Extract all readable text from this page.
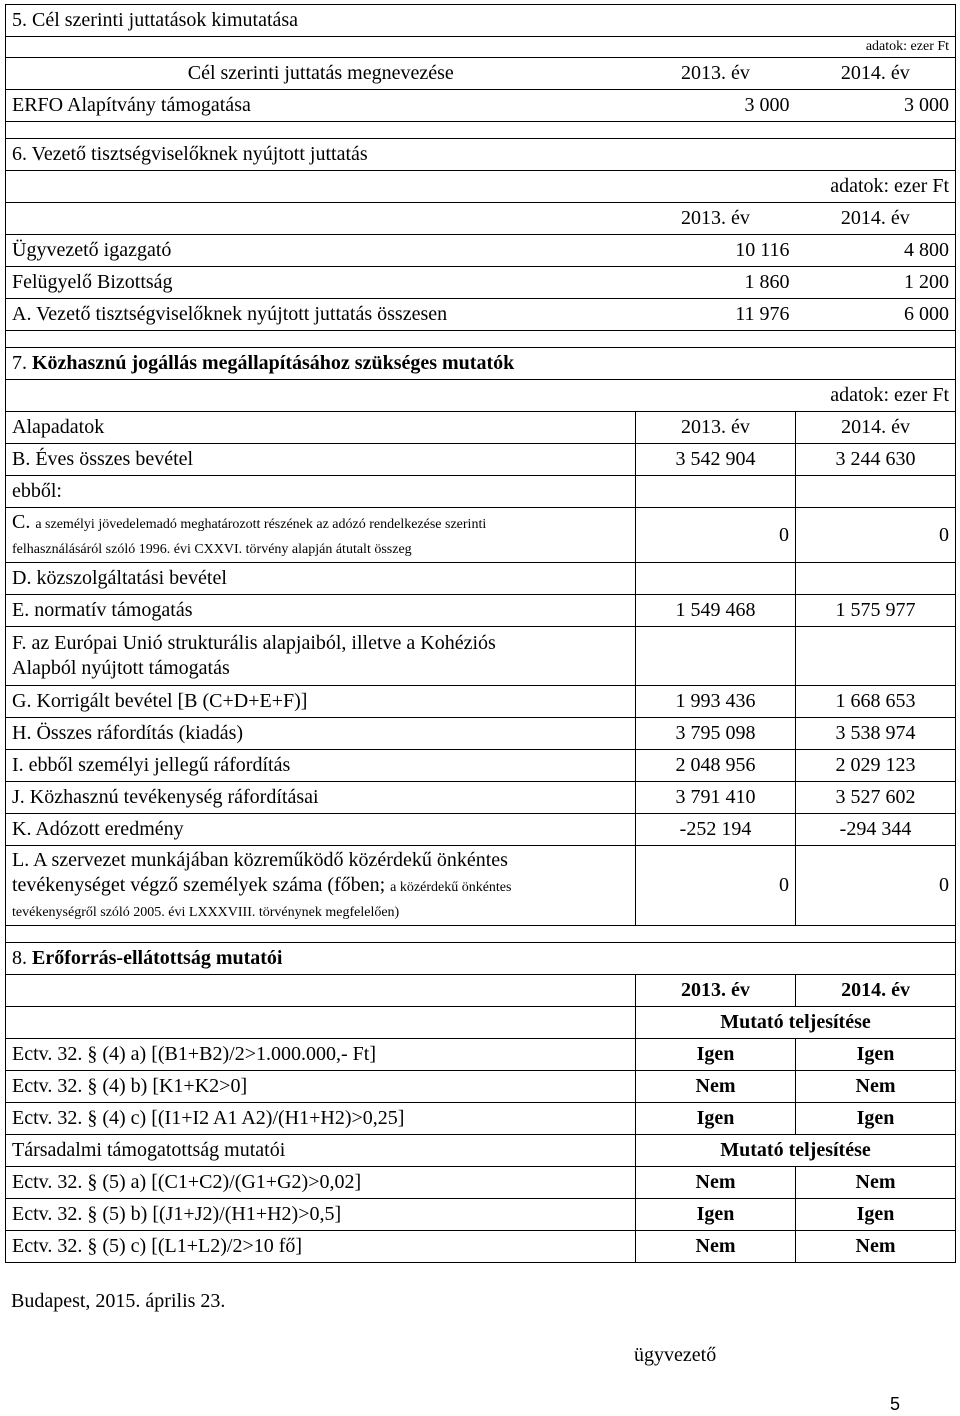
5. Cél szerinti juttatások kimutatása		
adatok: ezer Ft		
Cél szerinti juttatás megnevezése	2013. év	2014. év
ERFO Alapítvány támogatása	3 000	3 000

6. Vezető tisztségviselőknek nyújtott juttatás		
adatok: ezer Ft		
	2013. év	2014. év
Ügyvezető igazgató	10 116	4 800
Felügyelő Bizottság	1 860	1 200
A. Vezető tisztségviselőknek nyújtott juttatás összesen	11 976	6 000

7. Közhasznú jogállás megállapításához szükséges mutatók		
adatok: ezer Ft		
Alapadatok	2013. év	2014. év
B. Éves összes bevétel	3 542 904	3 244 630
ebből:		
C. a személyi jövedelemadó meghatározott részének az adózó rendelkezése szerinti
felhasználásáról szóló 1996. évi CXXVI. törvény alapján átutalt összeg	0	0
D. közszolgáltatási bevétel		
E. normatív támogatás	1 549 468	1 575 977
F. az Európai Unió strukturális alapjaiból, illetve a Kohéziós
Alapból nyújtott támogatás		
G. Korrigált bevétel [B (C+D+E+F)]	1 993 436	1 668 653
H. Összes ráfordítás (kiadás)	3 795 098	3 538 974
I. ebből személyi jellegű ráfordítás	2 048 956	2 029 123
J. Közhasznú tevékenység ráfordításai	3 791 410	3 527 602
K. Adózott eredmény	-252 194	-294 344
L. A szervezet munkájában közreműködő közérdekű önkéntes
tevékenységet végző személyek száma (főben; a közérdekű önkéntes
tevékenységről szóló 2005. évi LXXXVIII. törvénynek megfelelően)	0	0

8. Erőforrás-ellátottság mutatói		
	2013. év	2014. év
	Mutató teljesítése	
Ectv. 32. § (4) a) [(B1+B2)/2>1.000.000,- Ft]	Igen	Igen
Ectv. 32. § (4) b) [K1+K2>0]	Nem	Nem
Ectv. 32. § (4) c) [(I1+I2 A1 A2)/(H1+H2)>0,25]	Igen	Igen
Társadalmi támogatottság mutatói	Mutató teljesítése	
Ectv. 32. § (5) a) [(C1+C2)/(G1+G2)>0,02]	Nem	Nem
Ectv. 32. § (5) b) [(J1+J2)/(H1+H2)>0,5]	Igen	Igen
Ectv. 32. § (5) c) [(L1+L2)/2>10 fő]	Nem	Nem
Budapest, 2015. április 23.
ügyvezető
5
